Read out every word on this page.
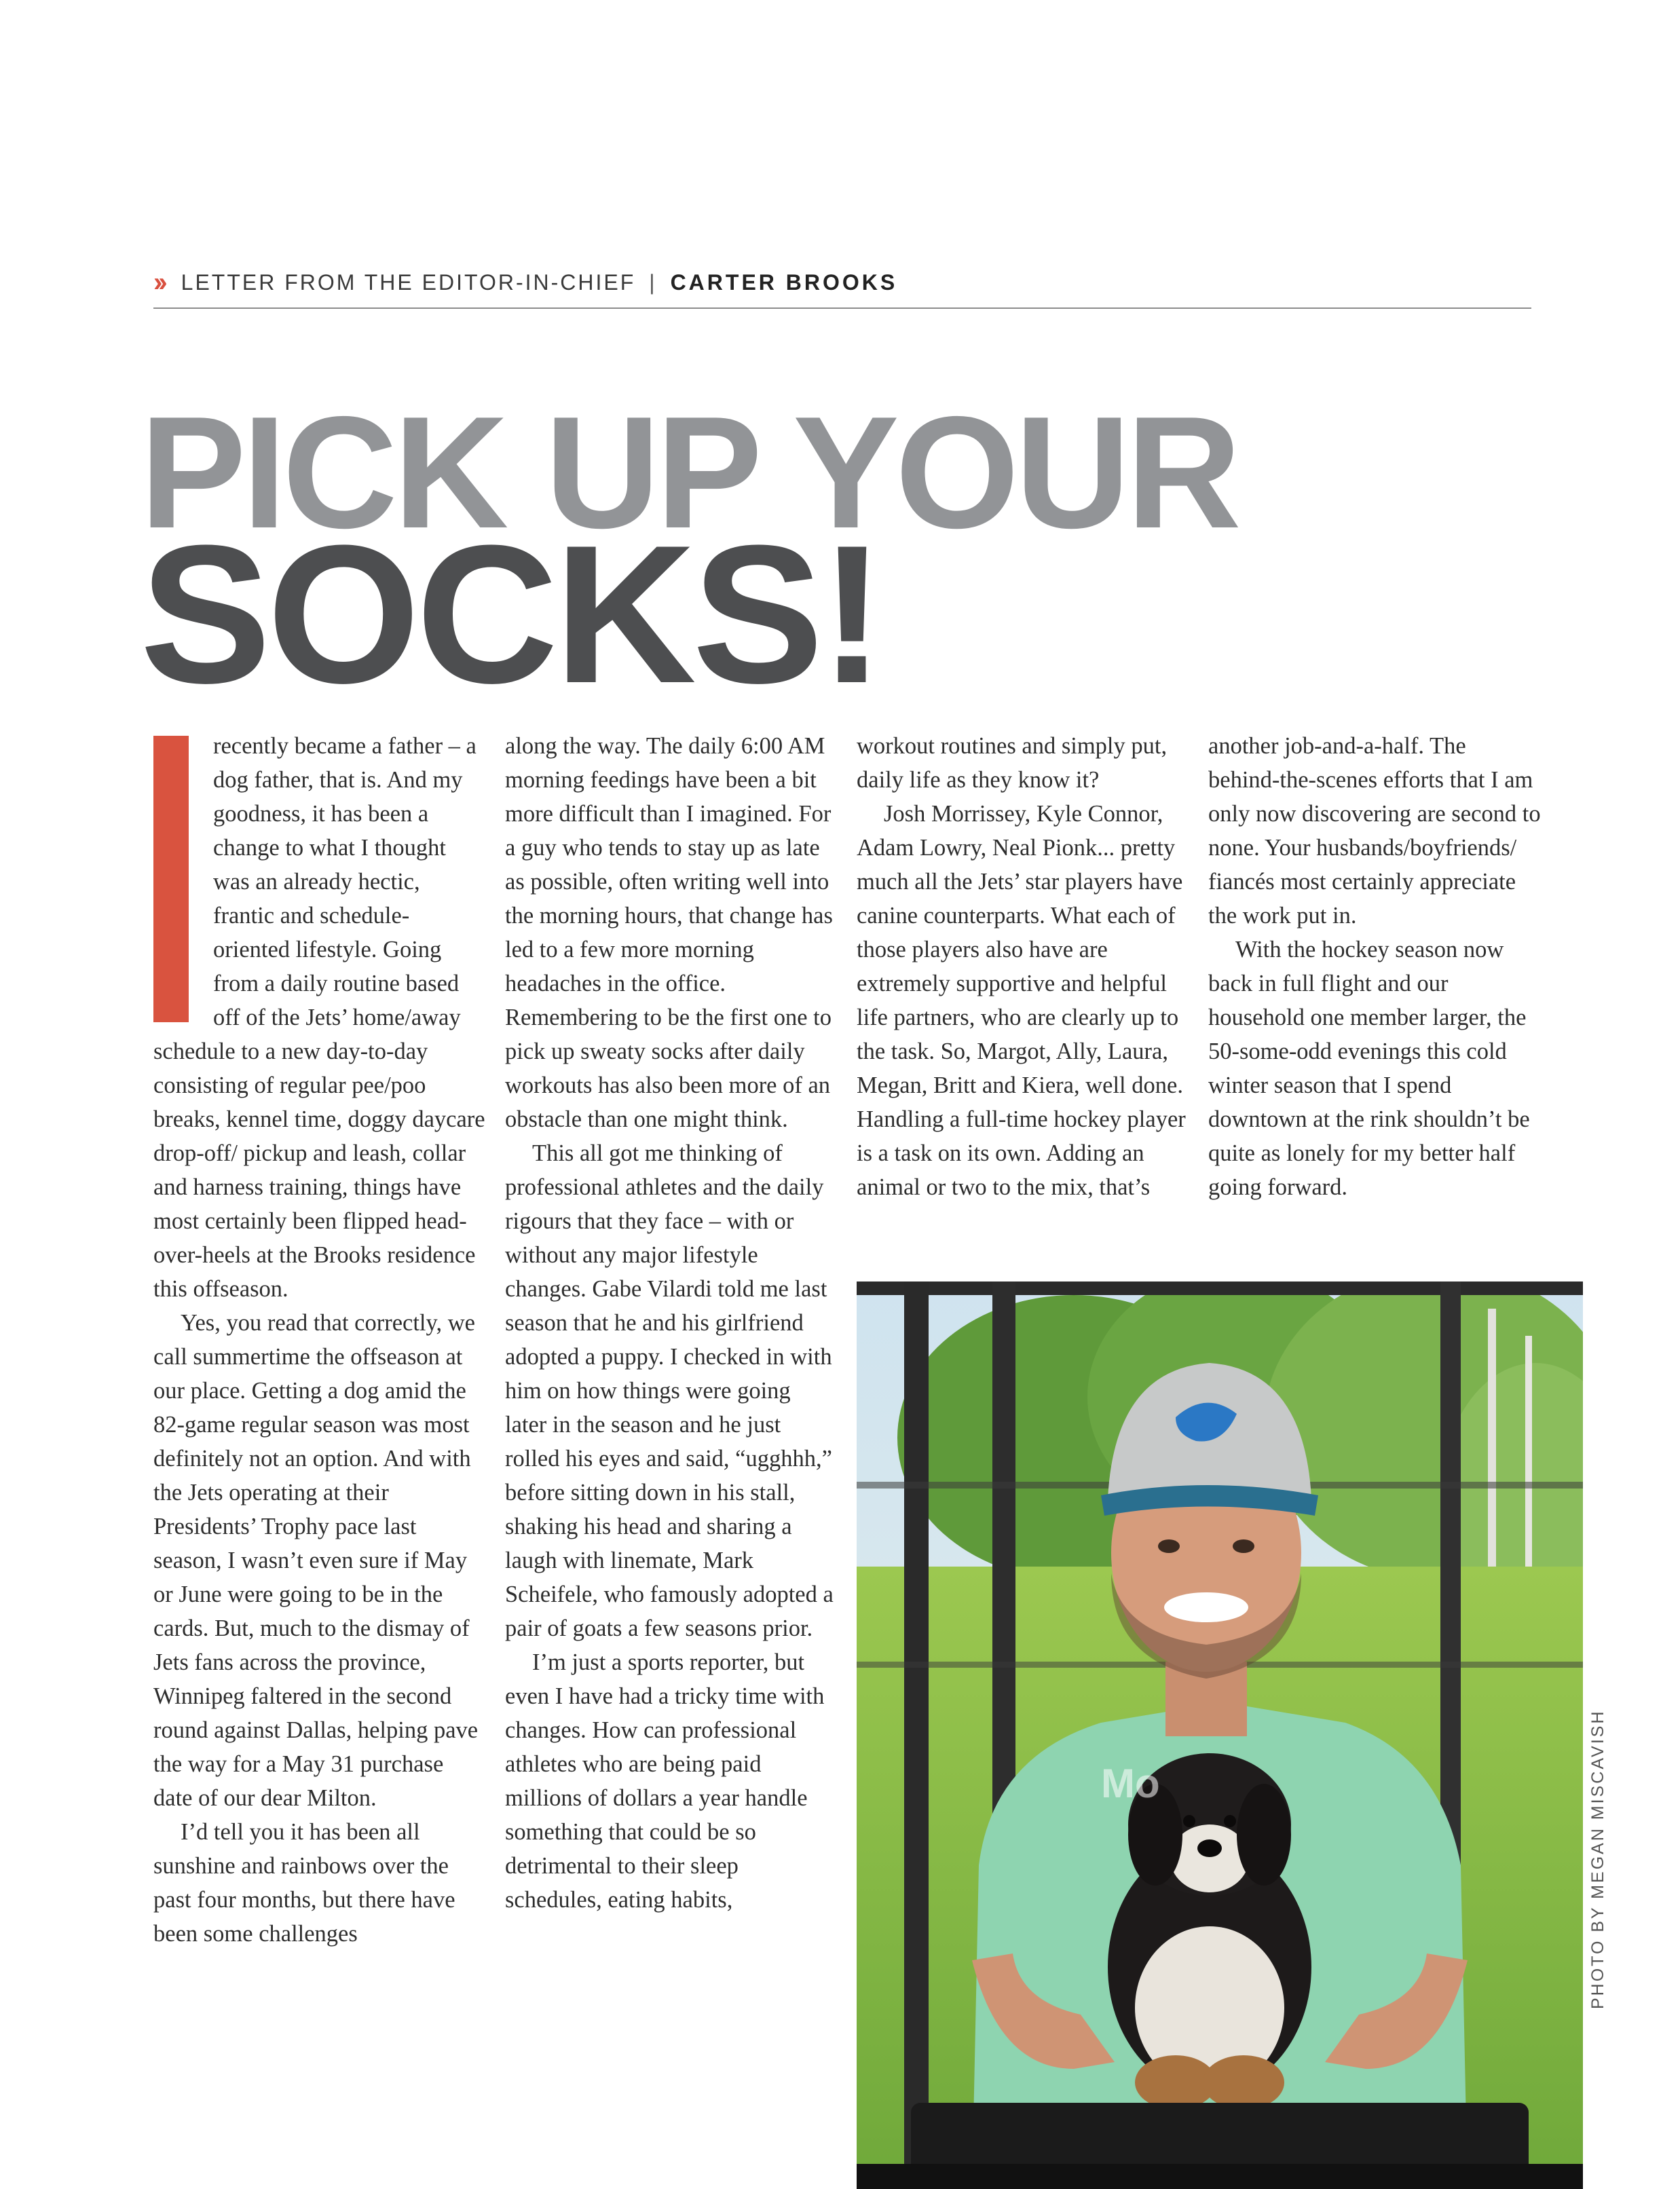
›› LETTER FROM THE EDITOR-IN-CHIEF | CARTER BROOKS
PICK UP YOUR
SOCKS!

recently became a father – a dog father, that is. And my goodness, it has been a change to what I thought was an already hectic, frantic and schedule-oriented lifestyle. Going from a daily routine based off of the Jets’ home/away schedule to a new day-to-day consisting of regular pee/poo breaks, kennel time, doggy daycare drop-off/ pickup and leash, collar and harness training, things have most certainly been flipped head-over-heels at the Brooks residence this offseason.

Yes, you read that correctly, we call summertime the offseason at our place. Getting a dog amid the 82-game regular season was most definitely not an option. And with the Jets operating at their Presidents’ Trophy pace last season, I wasn’t even sure if May or June were going to be in the cards. But, much to the dismay of Jets fans across the province, Winnipeg faltered in the second round against Dallas, helping pave the way for a May 31 purchase date of our dear Milton.

I’d tell you it has been all sunshine and rainbows over the past four months, but there have been some challenges

along the way. The daily 6:00 AM morning feedings have been a bit more difficult than I imagined. For a guy who tends to stay up as late as possible, often writing well into the morning hours, that change has led to a few more morning headaches in the office. Remembering to be the first one to pick up sweaty socks after daily workouts has also been more of an obstacle than one might think.

This all got me thinking of professional athletes and the daily rigours that they face – with or without any major lifestyle changes. Gabe Vilardi told me last season that he and his girlfriend adopted a puppy. I checked in with him on how things were going later in the season and he just rolled his eyes and said, “ugghhh,” before sitting down in his stall, shaking his head and sharing a laugh with linemate, Mark Scheifele, who famously adopted a pair of goats a few seasons prior.

I’m just a sports reporter, but even I have had a tricky time with changes. How can professional athletes who are being paid millions of dollars a year handle something that could be so detrimental to their sleep schedules, eating habits,

workout routines and simply put, daily life as they know it?

Josh Morrissey, Kyle Connor, Adam Lowry, Neal Pionk... pretty much all the Jets’ star players have canine counterparts. What each of those players also have are extremely supportive and helpful life partners, who are clearly up to the task. So, Margot, Ally, Laura, Megan, Britt and Kiera, well done. Handling a full-time hockey player is a task on its own. Adding an animal or two to the mix, that’s

another job-and-a-half. The behind-the-scenes efforts that I am only now discovering are second to none. Your husbands/boyfriends/ fiancés most certainly appreciate the work put in.

With the hockey season now back in full flight and our household one member larger, the 50-some-odd evenings this cold winter season that I spend downtown at the rink shouldn’t be quite as lonely for my better half going forward.

Mo	PHOTO BY MEGAN MISCAVISH
